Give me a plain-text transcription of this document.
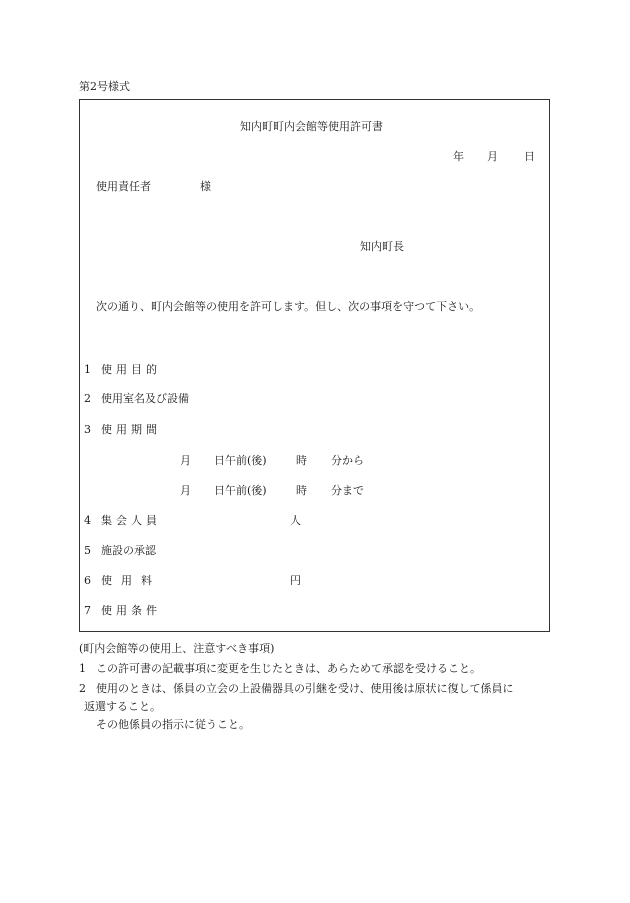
第2号様式
知内町町内会館等使用許可書
年 月 日
使用責任者	様
知内町長
次の通り、町内会館等の使用を許可します。但し、次の事項を守つて下さい。
1 使用目的
2 使用室名及び設備
3 使用期間
月 日午前(後)	時 分から
月 日午前(後)	時 分まで
4 集会人員	人
5 施設の承認
6 使用料	円
7 使用条件
(町内会館等の使用上、注意すべき事項)
1 この許可書の記載事項に変更を生じたときは、あらためて承認を受けること。
2 使用のときは、係員の立会の上設備器具の引継を受け、使用後は原状に復して係員に
返還すること。
その他係員の指示に従うこと。
